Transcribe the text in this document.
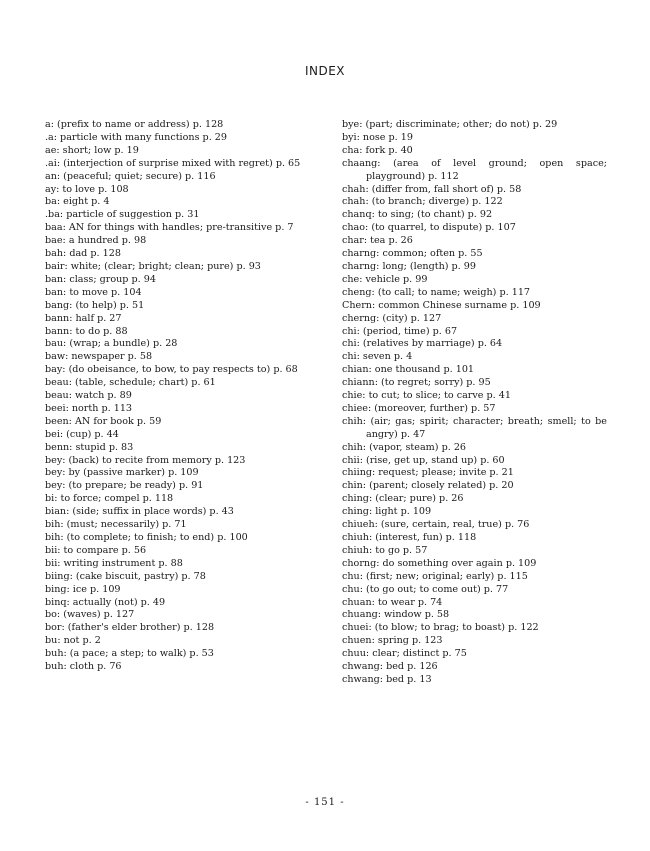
INDEX
a: (prefix to name or address) p. 128
.a: particle with many functions p. 29
ae: short; low p. 19
.ai: (interjection of surprise mixed with regret) p. 65
an: (peaceful; quiet; secure) p. 116
ay: to love p. 108
ba: eight p. 4
.ba: particle of suggestion p. 31
baa: AN for things with handles; pre-transitive p. 7
bae: a hundred p. 98
bah: dad p. 128
bair: white; (clear; bright; clean; pure) p. 93
ban: class; group p. 94
ban: to move p. 104
bang: (to help) p. 51
bann: half p. 27
bann: to do p. 88
bau: (wrap; a bundle) p. 28
baw: newspaper p. 58
bay: (do obeisance, to bow, to pay respects to) p. 68
beau: (table, schedule; chart) p. 61
beau: watch p. 89
beei: north p. 113
been: AN for book p. 59
bei: (cup) p. 44
benn: stupid p. 83
bey: (back) to recite from memory p. 123
bey: by (passive marker) p. 109
bey: (to prepare; be ready) p. 91
bi: to force; compel p. 118
bian: (side; suffix in place words) p. 43
bih: (must; necessarily) p. 71
bih: (to complete; to finish; to end) p. 100
bii: to compare p. 56
bii: writing instrument p. 88
biing: (cake biscuit, pastry) p. 78
bing: ice p. 109
binq: actually (not) p. 49
bo: (waves) p. 127
bor: (father's elder brother) p. 128
bu: not p. 2
buh: (a pace; a step; to walk) p. 53
buh: cloth p. 76
bye: (part; discriminate; other; do not) p. 29
byi: nose p. 19
cha: fork p. 40
chaang: (area of level ground; open space; playground) p. 112
chah: (differ from, fall short of) p. 58
chah: (to branch; diverge) p. 122
chanq: to sing; (to chant) p. 92
chao: (to quarrel, to dispute) p. 107
char: tea p. 26
charng: common; often p. 55
charng: long; (length) p. 99
che: vehicle p. 99
cheng: (to call; to name; weigh) p. 117
Chern: common Chinese surname p. 109
cherng: (city) p. 127
chi: (period, time) p. 67
chi: (relatives by marriage) p. 64
chi: seven p. 4
chian: one thousand p. 101
chiann: (to regret; sorry) p. 95
chie: to cut; to slice; to carve p. 41
chiee: (moreover, further) p. 57
chih: (air; gas; spirit; character; breath; smell; to be angry) p. 47
chih: (vapor, steam) p. 26
chii: (rise, get up, stand up) p. 60
chiing: request; please; invite p. 21
chin: (parent; closely related) p. 20
ching: (clear; pure) p. 26
ching: light p. 109
chiueh: (sure, certain, real, true) p. 76
chiuh: (interest, fun) p. 118
chiuh: to go p. 57
chorng: do something over again p. 109
chu: (first; new; original; early) p. 115
chu: (to go out; to come out) p. 77
chuan: to wear p. 74
chuang: window p. 58
chuei: (to blow; to brag; to boast) p. 122
chuen: spring p. 123
chuu: clear; distinct p. 75
chwang: bed p. 126
chwang: bed p. 13
- 151 -
